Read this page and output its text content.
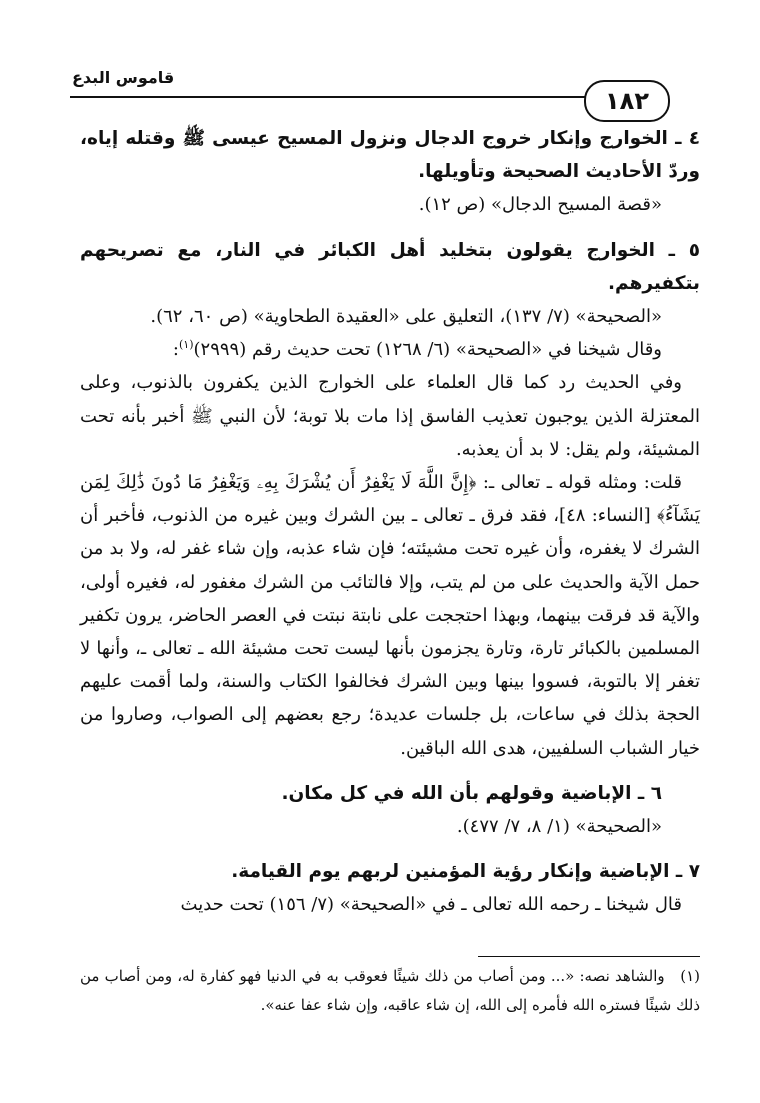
قاموس البدع
١٨٢

٤ ـ الخوارج وإنكار خروج الدجال ونزول المسيح عيسى ﷺ وقتله إياه، وردّ الأحاديث الصحيحة وتأويلها.

«قصة المسيح الدجال» (ص ١٢).

٥ ـ الخوارج يقولون بتخليد أهل الكبائر في النار، مع تصريحهم بتكفيرهم.

«الصحيحة» (٧/ ١٣٧)، التعليق على «العقيدة الطحاوية» (ص ٦٠، ٦٢).

وقال شيخنا في «الصحيحة» (٦/ ١٢٦٨) تحت حديث رقم (٢٩٩٩)$^{(١)}$:

وفي الحديث رد كما قال العلماء على الخوارج الذين يكفرون بالذنوب، وعلى المعتزلة الذين يوجبون تعذيب الفاسق إذا مات بلا توبة؛ لأن النبي ﷺ أخبر بأنه تحت المشيئة، ولم يقل: لا بد أن يعذبه.

قلت: ومثله قوله ـ تعالى ـ: ﴿إِنَّ اللَّهَ لَا يَغْفِرُ أَن يُشْرَكَ بِهِۦ وَيَغْفِرُ مَا دُونَ ذَٰلِكَ لِمَن يَشَآءُ﴾ [النساء: ٤٨]، فقد فرق ـ تعالى ـ بين الشرك وبين غيره من الذنوب، فأخبر أن الشرك لا يغفره، وأن غيره تحت مشيئته؛ فإن شاء عذبه، وإن شاء غفر له، ولا بد من حمل الآية والحديث على من لم يتب، وإلا فالتائب من الشرك مغفور له، فغيره أولى، والآية قد فرقت بينهما، وبهذا احتججت على نابتة نبتت في العصر الحاضر، يرون تكفير المسلمين بالكبائر تارة، وتارة يجزمون بأنها ليست تحت مشيئة الله ـ تعالى ـ، وأنها لا تغفر إلا بالتوبة، فسووا بينها وبين الشرك فخالفوا الكتاب والسنة، ولما أقمت عليهم الحجة بذلك في ساعات، بل جلسات عديدة؛ رجع بعضهم إلى الصواب، وصاروا من خيار الشباب السلفيين، هدى الله الباقين.

٦ ـ الإباضية وقولهم بأن الله في كل مكان.

«الصحيحة» (١/ ٨، ٧/ ٤٧٧).

٧ ـ الإباضية وإنكار رؤية المؤمنين لربهم يوم القيامة.

قال شيخنا ـ رحمه الله تعالى ـ في «الصحيحة» (٧/ ١٥٦) تحت حديث

(١)   والشاهد نصه: «... ومن أصاب من ذلك شيئًا فعوقب به في الدنيا فهو كفارة له، ومن أصاب من ذلك شيئًا فستره الله فأمره إلى الله، إن شاء عاقبه، وإن شاء عفا عنه».
